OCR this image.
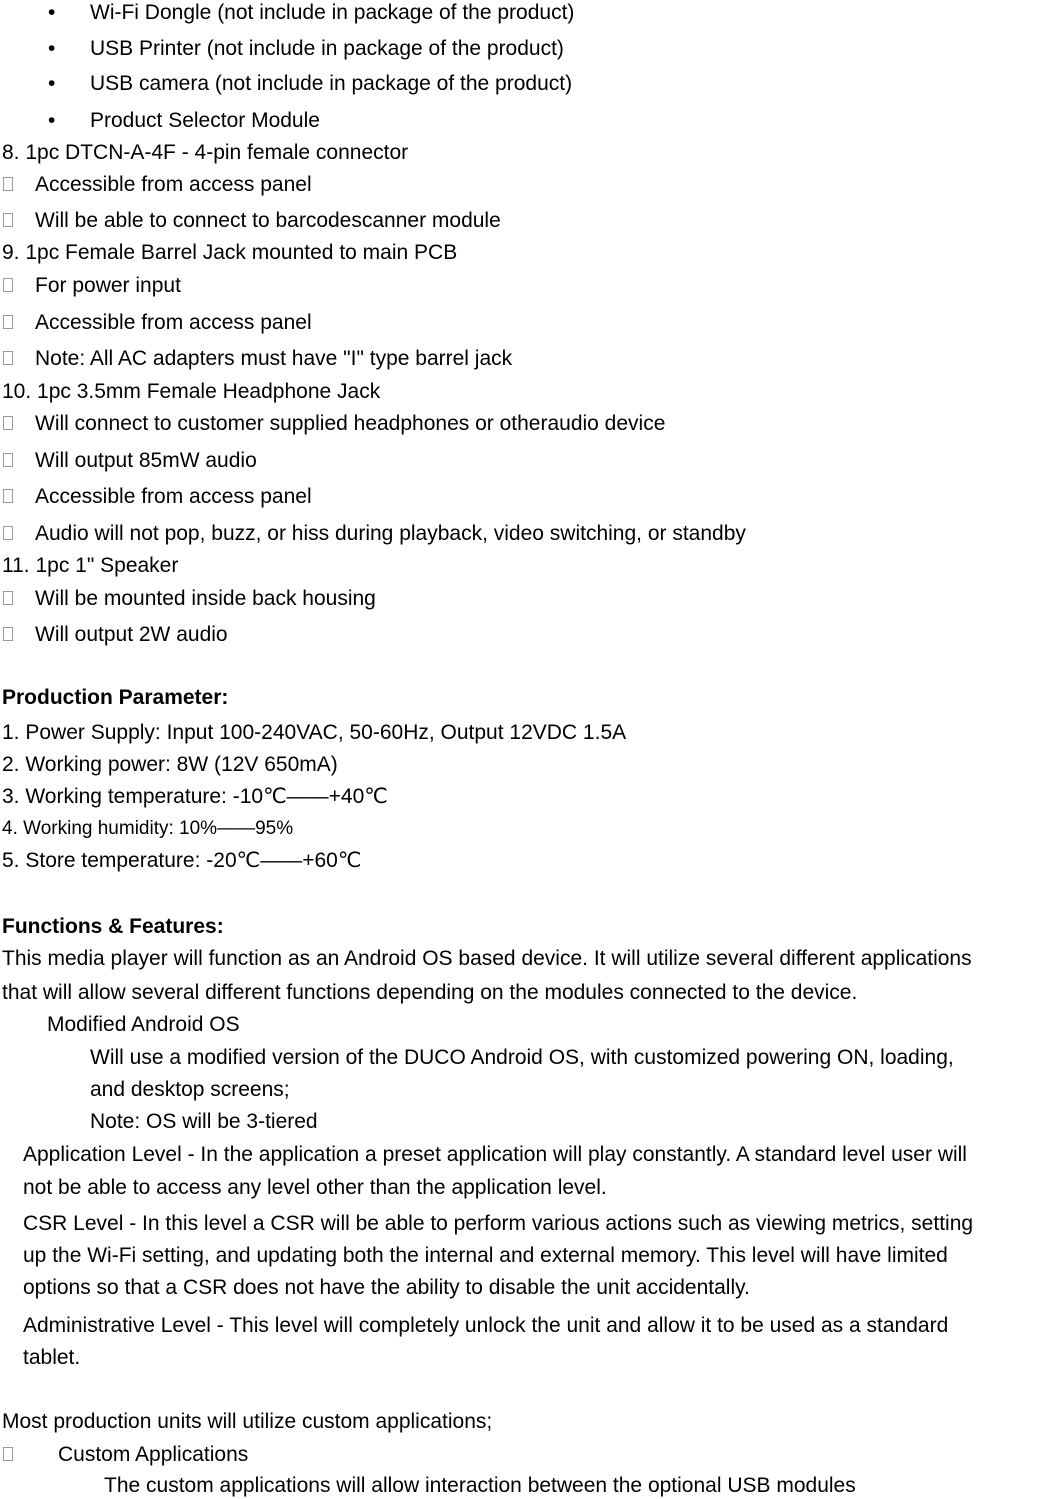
• Wi-Fi Dongle (not include in package of the product)
• USB Printer (not include in package of the product)
• USB camera (not include in package of the product)
• Product Selector Module
8. 1pc DTCN-A-4F - 4-pin female connector
Accessible from access panel
Will be able to connect to barcodescanner module
9. 1pc Female Barrel Jack mounted to main PCB
For power input
Accessible from access panel
Note: All AC adapters must have "I" type barrel jack
10. 1pc 3.5mm Female Headphone Jack
Will connect to customer supplied headphones or otheraudio device
Will output 85mW audio
Accessible from access panel
Audio will not pop, buzz, or hiss during playback, video switching, or standby
11. 1pc 1" Speaker
Will be mounted inside back housing
Will output 2W audio
Production Parameter:
1. Power Supply: Input 100-240VAC, 50-60Hz, Output 12VDC 1.5A
2. Working power: 8W (12V 650mA)
3. Working temperature: -10℃——+40℃
4. Working humidity: 10%——95%
5. Store temperature: -20℃——+60℃
Functions & Features:
This media player will function as an Android OS based device. It will utilize several different applications
that will allow several different functions depending on the modules connected to the device.
Modified Android OS
Will use a modified version of the DUCO Android OS, with customized powering ON, loading,
and desktop screens;
Note: OS will be 3-tiered
Application Level - In the application a preset application will play constantly. A standard level user will
not be able to access any level other than the application level.
CSR Level - In this level a CSR will be able to perform various actions such as viewing metrics, setting
up the Wi-Fi setting, and updating both the internal and external memory. This level will have limited
options so that a CSR does not have the ability to disable the unit accidentally.
Administrative Level - This level will completely unlock the unit and allow it to be used as a standard
tablet.
Most production units will utilize custom applications;
Custom Applications
The custom applications will allow interaction between the optional USB modules
